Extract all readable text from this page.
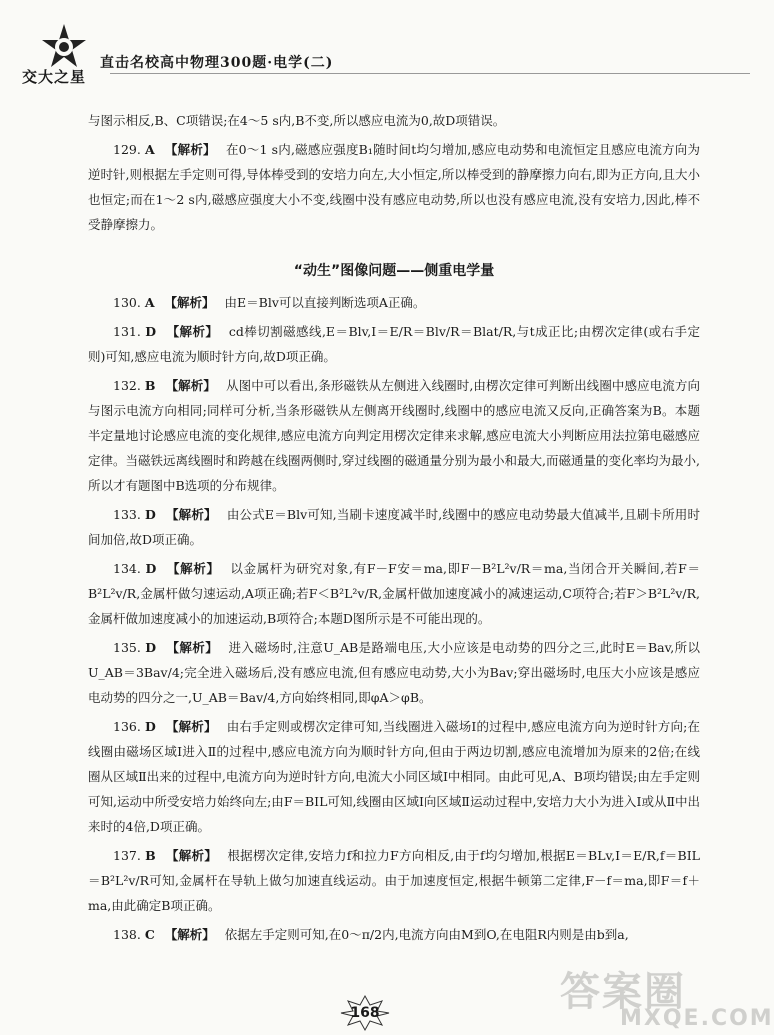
交大之星
直击名校高中物理300题·电学(二)

与图示相反,B、C项错误;在4～5 s内,B不变,所以感应电流为0,故D项错误。

129. A 【解析】 在0～1 s内,磁感应强度B₁随时间t均匀增加,感应电动势和电流恒定且感应电流方向为逆时针,则根据左手定则可得,导体棒受到的安培力向左,大小恒定,所以棒受到的静摩擦力向右,即为正方向,且大小也恒定;而在1～2 s内,磁感应强度大小不变,线圈中没有感应电动势,所以也没有感应电流,没有安培力,因此,棒不受静摩擦力。

“动生”图像问题——侧重电学量

130. A 【解析】 由E＝Blv可以直接判断选项A正确。

131. D 【解析】 cd棒切割磁感线,E＝Blv,I＝E/R＝Blv/R＝Blat/R,与t成正比;由楞次定律(或右手定则)可知,感应电流为顺时针方向,故D项正确。

132. B 【解析】 从图中可以看出,条形磁铁从左侧进入线圈时,由楞次定律可判断出线圈中感应电流方向与图示电流方向相同;同样可分析,当条形磁铁从左侧离开线圈时,线圈中的感应电流又反向,正确答案为B。本题半定量地讨论感应电流的变化规律,感应电流方向判定用楞次定律来求解,感应电流大小判断应用法拉第电磁感应定律。当磁铁远离线圈时和跨越在线圈两侧时,穿过线圈的磁通量分别为最小和最大,而磁通量的变化率均为最小,所以才有题图中B选项的分布规律。

133. D 【解析】 由公式E＝Blv可知,当刷卡速度减半时,线圈中的感应电动势最大值减半,且刷卡所用时间加倍,故D项正确。

134. D 【解析】 以金属杆为研究对象,有F－F安＝ma,即F－B²L²v/R＝ma,当闭合开关瞬间,若F＝B²L²v/R,金属杆做匀速运动,A项正确;若F＜B²L²v/R,金属杆做加速度减小的减速运动,C项符合;若F＞B²L²v/R,金属杆做加速度减小的加速运动,B项符合;本题D图所示是不可能出现的。

135. D 【解析】 进入磁场时,注意U_AB是路端电压,大小应该是电动势的四分之三,此时E＝Bav,所以U_AB＝3Bav/4;完全进入磁场后,没有感应电流,但有感应电动势,大小为Bav;穿出磁场时,电压大小应该是感应电动势的四分之一,U_AB＝Bav/4,方向始终相同,即φA＞φB。

136. D 【解析】 由右手定则或楞次定律可知,当线圈进入磁场Ⅰ的过程中,感应电流方向为逆时针方向;在线圈由磁场区域Ⅰ进入Ⅱ的过程中,感应电流方向为顺时针方向,但由于两边切割,感应电流增加为原来的2倍;在线圈从区域Ⅱ出来的过程中,电流方向为逆时针方向,电流大小同区域Ⅰ中相同。由此可见,A、B项均错误;由左手定则可知,运动中所受安培力始终向左;由F＝BIL可知,线圈由区域Ⅰ向区域Ⅱ运动过程中,安培力大小为进入Ⅰ或从Ⅱ中出来时的4倍,D项正确。

137. B 【解析】 根据楞次定律,安培力f和拉力F方向相反,由于f均匀增加,根据E＝BLv,I＝E/R,f＝BIL＝B²L²v/R可知,金属杆在导轨上做匀加速直线运动。由于加速度恒定,根据牛顿第二定律,F－f＝ma,即F＝f＋ma,由此确定B项正确。

138. C 【解析】 依据左手定则可知,在0～π/2内,电流方向由M到O,在电阻R内则是由b到a,

168	答案圈
MXQE.COM
